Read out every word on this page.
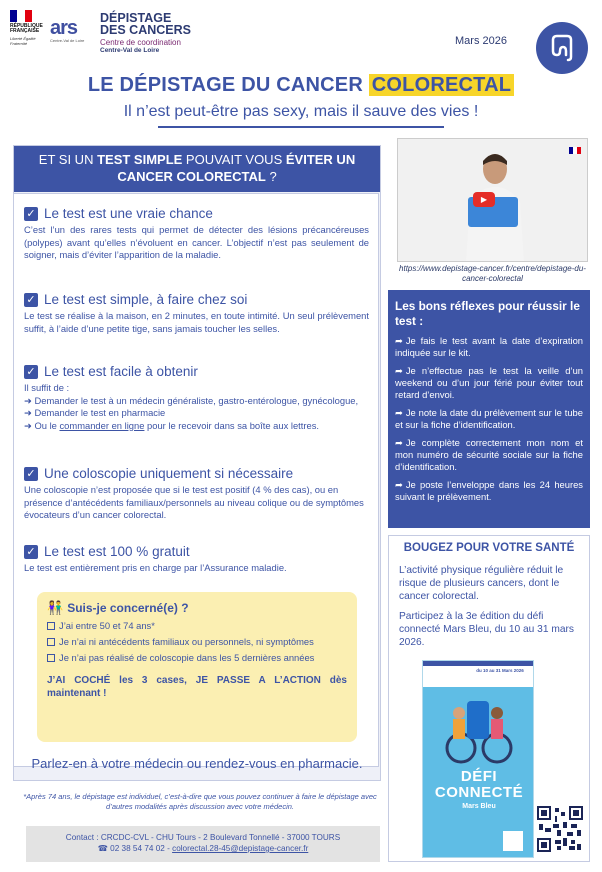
RÉPUBLIQUE FRANÇAISE
Liberté Égalité Fraternité
ars
Centre-Val de Loire
DÉPISTAGE
DES CANCERS
Centre de coordination
Centre-Val de Loire
Mars 2026
LE DÉPISTAGE DU CANCER COLORECTAL
Il n’est peut-être pas sexy, mais il sauve des vies !
ET SI UN TEST SIMPLE POUVAIT VOUS ÉVITER UN CANCER COLORECTAL ?
✓ Le test est une vraie chance
C’est l’un des rares tests qui permet de détecter des lésions précancéreuses (polypes) avant qu’elles n’évoluent en cancer. L’objectif n’est pas seulement de soigner, mais d’éviter l’apparition de la maladie.
✓ Le test est simple, à faire chez soi
Le test se réalise à la maison, en 2 minutes, en toute intimité. Un seul prélèvement suffit, à l’aide d’une petite tige, sans jamais toucher les selles.
✓ Le test est facile à obtenir
Il suffit de :
➜ Demander le test à un médecin généraliste, gastro-entérologue, gynécologue,
➜ Demander le test en pharmacie
➜ Ou le commander en ligne pour le recevoir dans sa boîte aux lettres.
✓ Une coloscopie uniquement si nécessaire
Une coloscopie n’est proposée que si le test est positif (4 % des cas), ou en présence d’antécédents familiaux/personnels au niveau colique ou de symptômes évocateurs d’un cancer colorectal.
✓ Le test est 100 % gratuit
Le test est entièrement pris en charge par l’Assurance maladie.
👫 Suis-je concerné(e) ?
J’ai entre 50 et 74 ans*
Je n’ai ni antécédents familiaux ou personnels, ni symptômes
Je n’ai pas réalisé de coloscopie dans les 5 dernières années
J’AI COCHÉ les 3 cases, JE PASSE A L’ACTION dès maintenant !
Parlez-en à votre médecin ou rendez-vous en pharmacie.
*Après 74 ans, le dépistage est individuel, c’est-à-dire que vous pouvez continuer à faire le dépistage avec d’autres modalités après discussion avec votre médecin.
Contact : CRCDC-CVL - CHU Tours - 2 Boulevard Tonnellé - 37000 TOURS
☎ 02 38 54 74 02 - colorectal.28-45@depistage-cancer.fr
▶
https://www.depistage-cancer.fr/centre/depistage-du-cancer-colorectal
Les bons réflexes pour réussir le test :
➦ Je fais le test avant la date d’expiration indiquée sur le kit.
➦ Je n’effectue pas le test la veille d’un weekend ou d’un jour férié pour éviter tout retard d’envoi.
➦ Je note la date du prélèvement sur le tube et sur la fiche d’identification.
➦ Je complète correctement mon nom et mon numéro de sécurité sociale sur la fiche d’identification.
➦ Je poste l’enveloppe dans les 24 heures suivant le prélèvement.
BOUGEZ POUR VOTRE SANTÉ
L’activité physique régulière réduit le risque de plusieurs cancers, dont le cancer colorectal.
Participez à la 3e édition du défi connecté Mars Bleu, du 10 au 31 mars 2026.
du 10 au 31 Mars 2026
DÉFI CONNECTÉ
Mars Bleu
